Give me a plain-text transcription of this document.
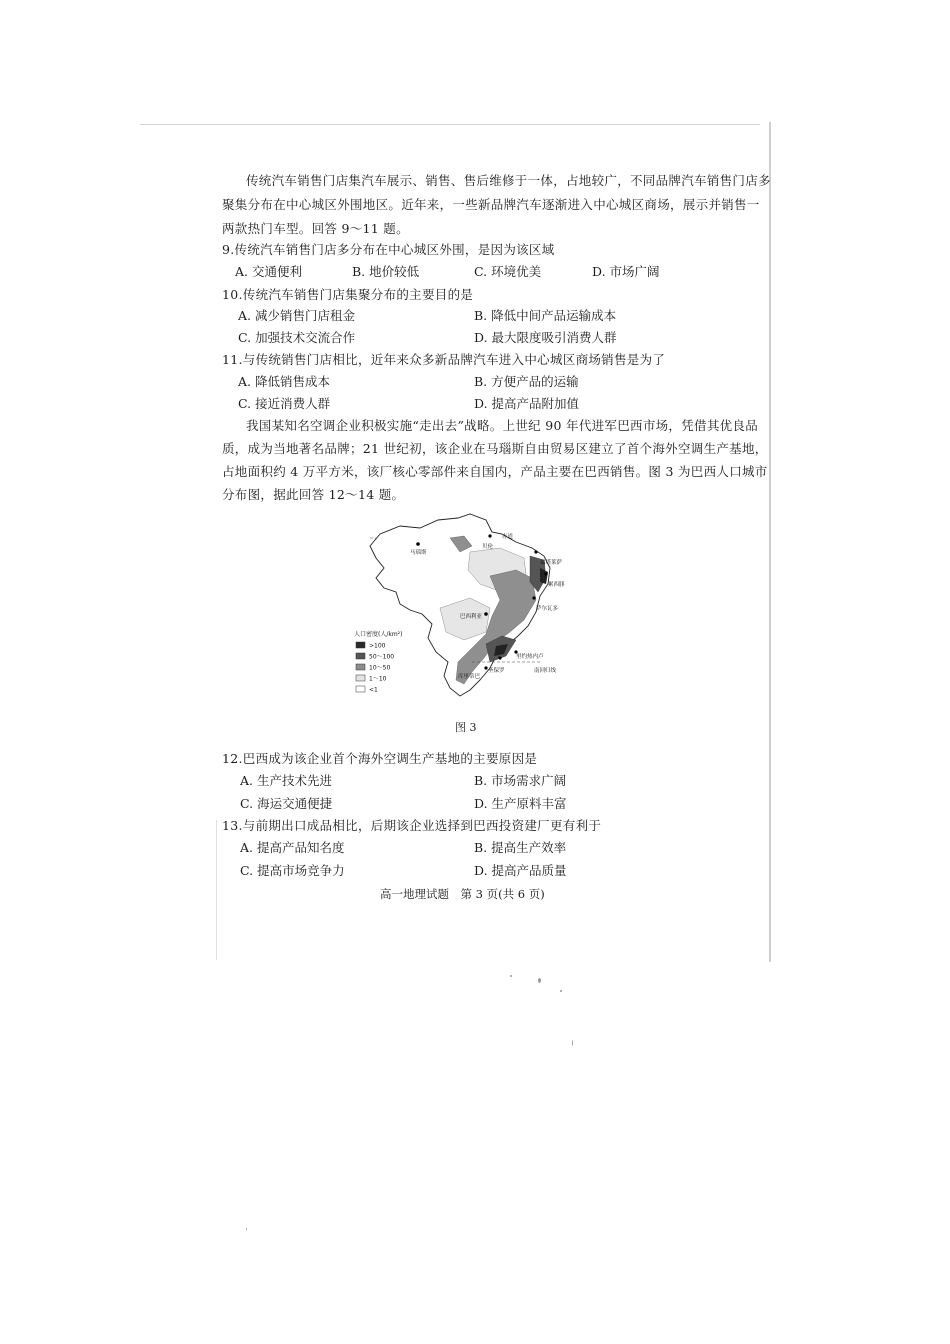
传统汽车销售门店集汽车展示、销售、售后维修于一体，占地较广，不同品牌汽车销售门店多
聚集分布在中心城区外围地区。近年来，一些新品牌汽车逐渐进入中心城区商场，展示并销售一
两款热门车型。回答 9～11 题。
9.传统汽车销售门店多分布在中心城区外围，是因为该区域
A. 交通便利	B. 地价较低	C. 环境优美	D. 市场广阔
10.传统汽车销售门店集聚分布的主要目的是
A. 减少销售门店租金	B. 降低中间产品运输成本
C. 加强技术交流合作	D. 最大限度吸引消费人群
11.与传统销售门店相比，近年来众多新品牌汽车进入中心城区商场销售是为了
A. 降低销售成本	B. 方便产品的运输
C. 接近消费人群	D. 提高产品附加值
我国某知名空调企业积极实施“走出去”战略。上世纪 90 年代进军巴西市场，凭借其优良品
质，成为当地著名品牌；21 世纪初，该企业在马瑙斯自由贸易区建立了首个海外空调生产基地，
占地面积约 4 万平方米，该厂核心零部件来自国内，产品主要在巴西销售。图 3 为巴西人口城市
分布图，据此回答 12～14 题。
赤道
马瑙斯
贝伦
福塔莱萨
累西腓
萨尔瓦多
巴西利亚
里约热内卢
圣保罗
库里蒂巴
南回归线
人口密度(人/km²)
>100
50～100
10～50
1～10
<1
图 3
12.巴西成为该企业首个海外空调生产基地的主要原因是
A. 生产技术先进	B. 市场需求广阔
C. 海运交通便捷	D. 生产原料丰富
13.与前期出口成品相比，后期该企业选择到巴西投资建厂更有利于
A. 提高产品知名度	B. 提高生产效率
C. 提高市场竞争力	D. 提高产品质量
高一地理试题　第 3 页(共 6 页)
